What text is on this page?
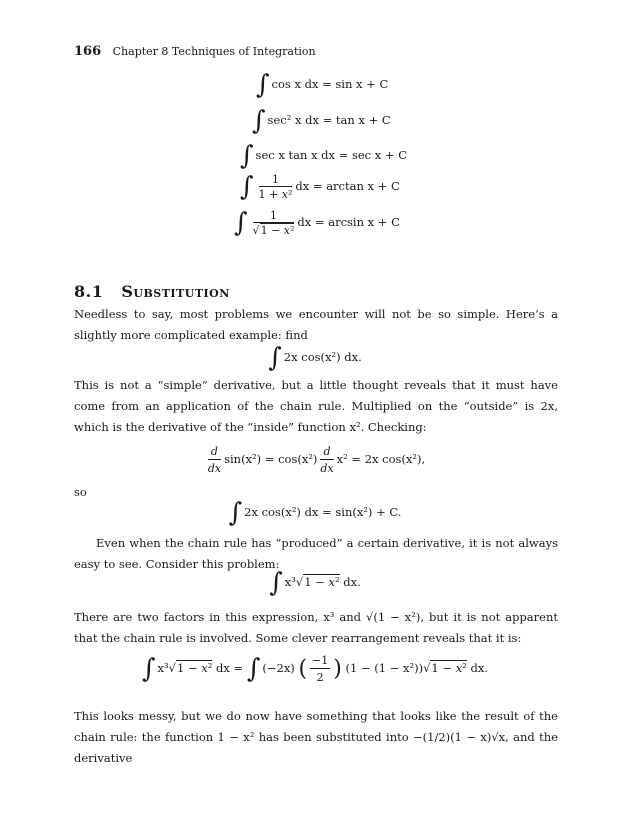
166 Chapter 8 Techniques of Integration
∫ cos x dx = sin x + C
∫ sec² x dx = tan x + C
∫ sec x tan x dx = sec x + C
∫ $\frac{1}{\text{1 + x²}}$ dx = arctan x + C
∫ $\frac{1}{\text{√1 − x²}}$ dx = arcsin x + C
8.1 Substitution
Needless to say, most problems we encounter will not be so simple. Here’s a slightly more complicated example: find
∫ 2x cos(x²) dx.
This is not a “simple” derivative, but a little thought reveals that it must have come from an application of the chain rule. Multiplied on the “outside” is 2x, which is the derivative of the “inside” function x². Checking:
$\frac{d}{dx} \sin(x^2) = \cos(x^2) \frac{d}{dx} x^2 = 2x$ cos(x²),
so
∫ 2x cos(x²) dx = sin(x²) + C.
Even when the chain rule has “produced” a certain derivative, it is not always easy to see. Consider this problem:
∫ x³√1 − x² dx.
There are two factors in this expression, x³ and √(1 − x²), but it is not apparent that the chain rule is involved. Some clever rearrangement reveals that it is:
∫ x³√1 − x² dx = ∫ (−2x) ( $\frac{-1}{2}$ ) (1 − (1 − x²))√1 − x² dx.
This looks messy, but we do now have something that looks like the result of the chain rule: the function 1 − x² has been substituted into −(1/2)(1 − x)√x, and the derivative
